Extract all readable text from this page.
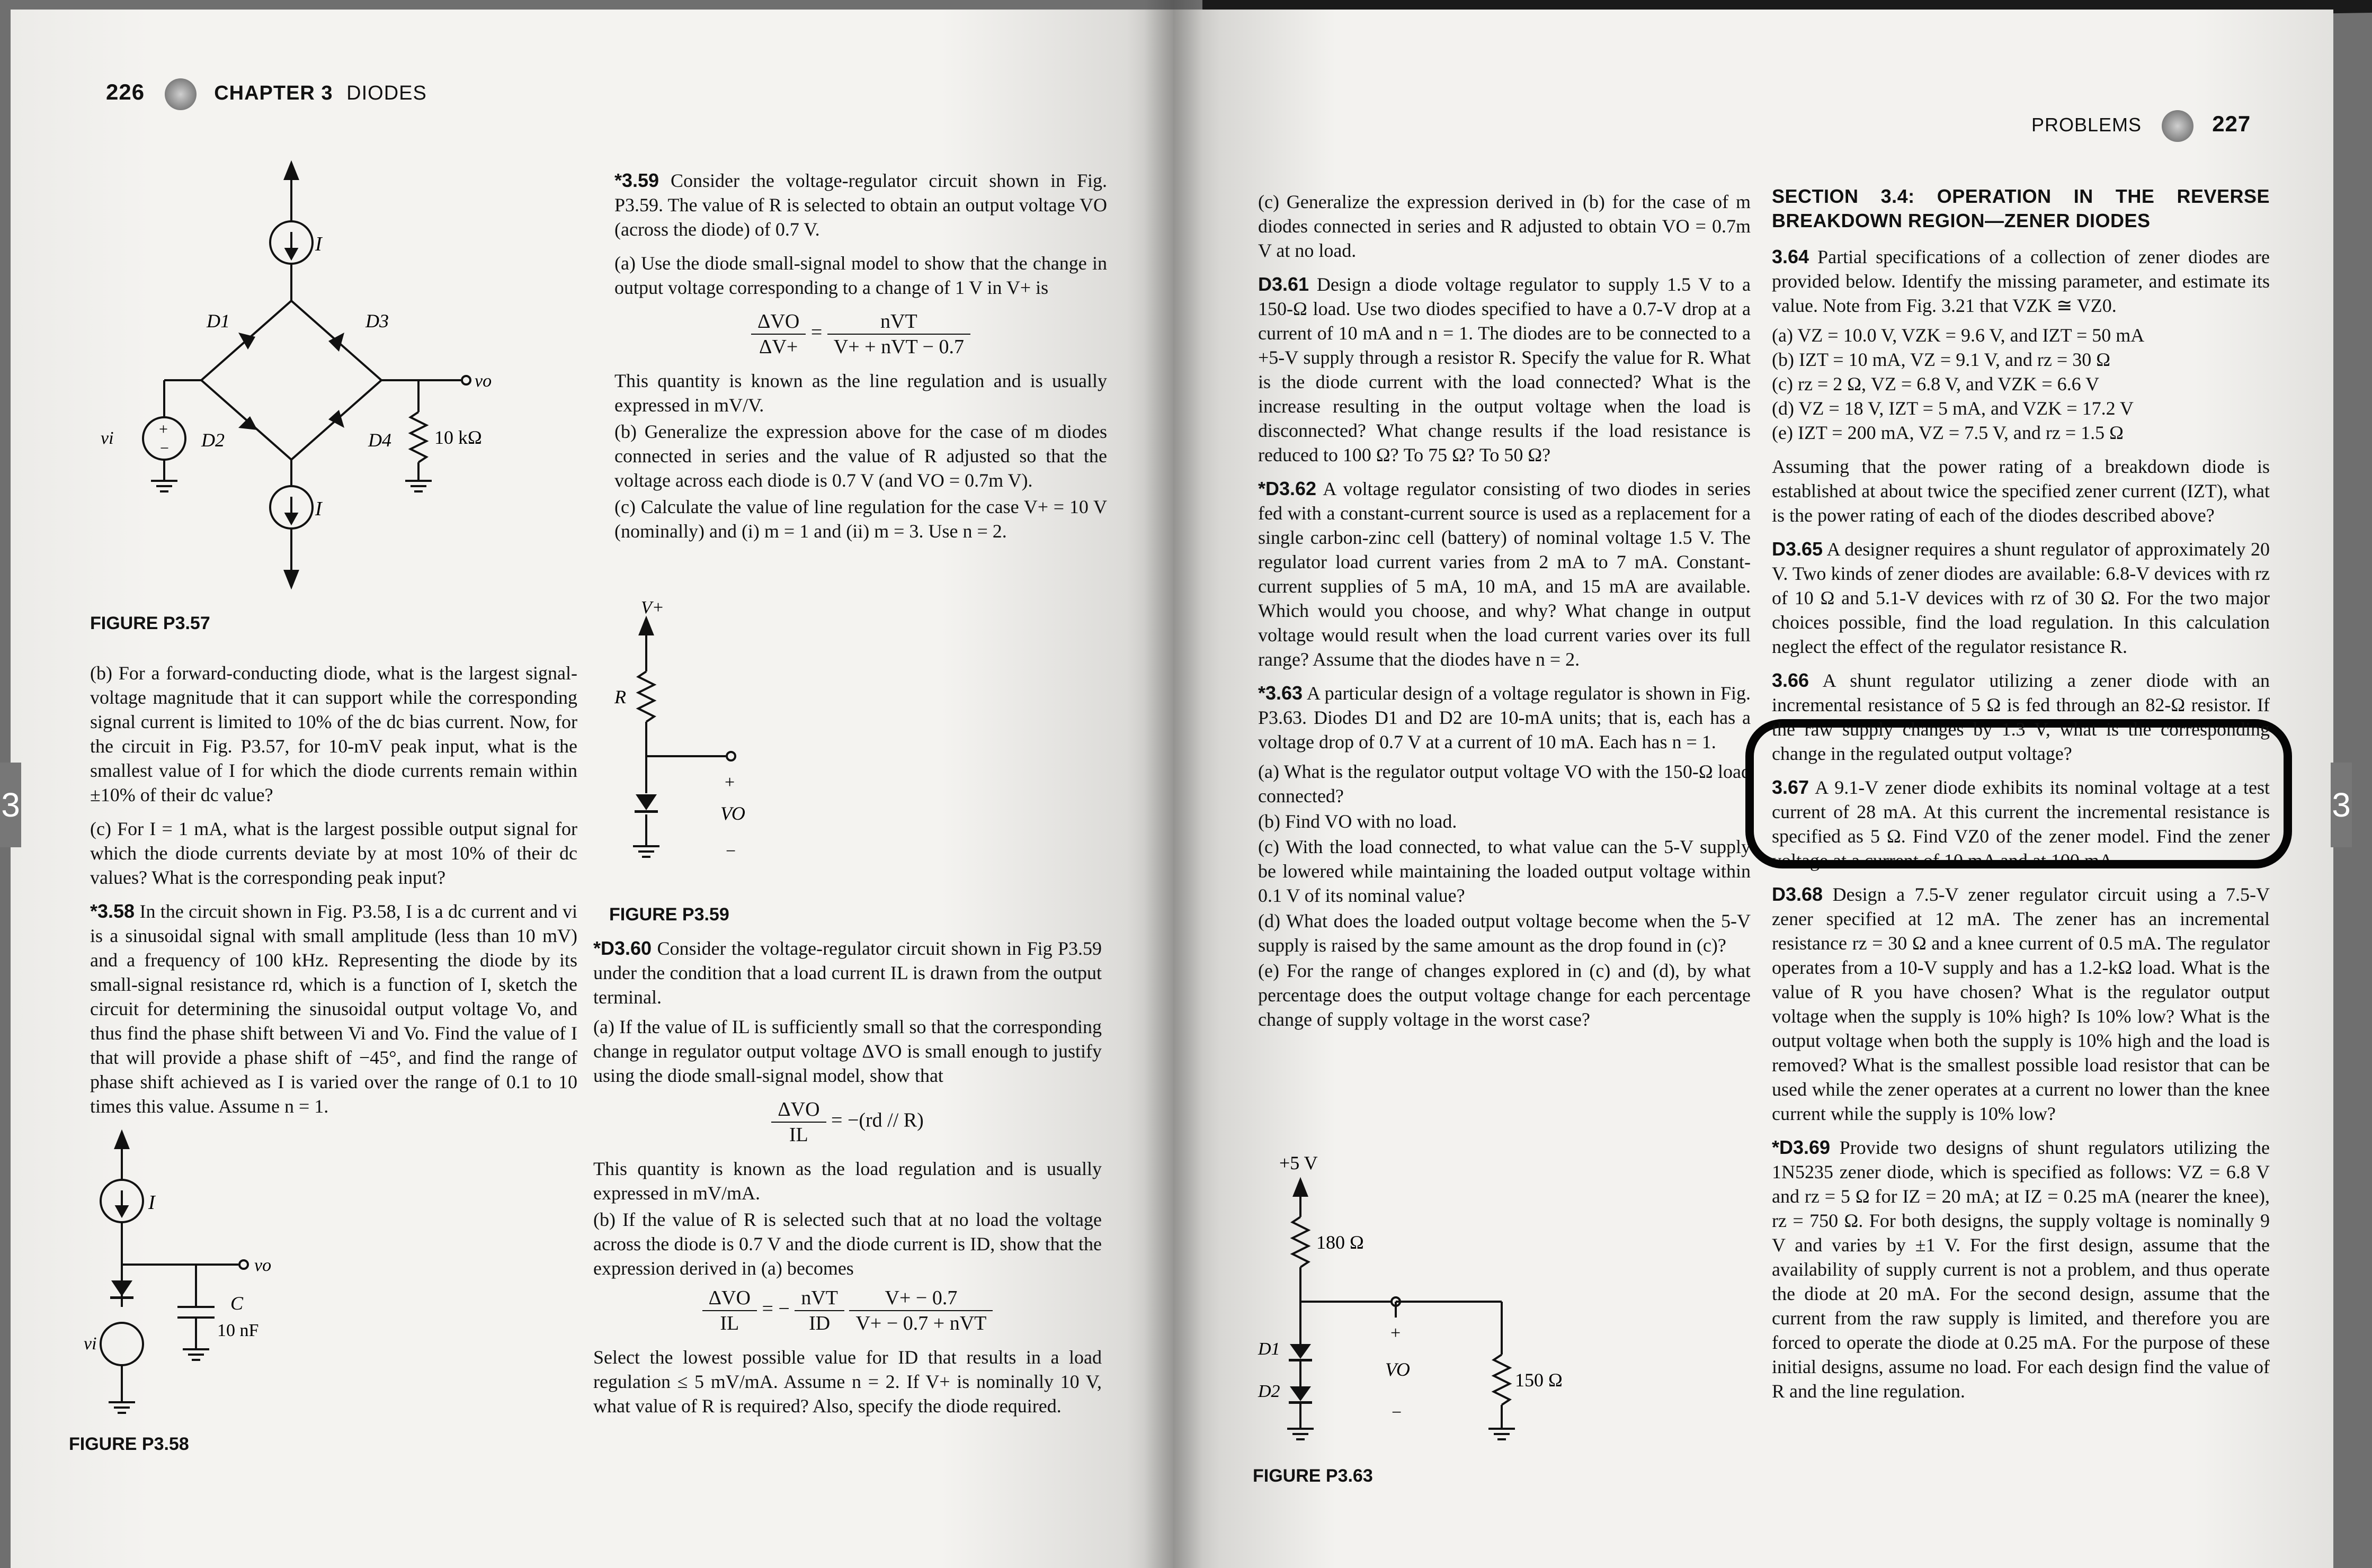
226	CHAPTER 3 DIODES
I
I
D1	D3
D2	D4
vi
vo
+
−
10 kΩ
FIGURE P3.57

(b) For a forward-conducting diode, what is the largest signal-voltage magnitude that it can support while the corresponding signal current is limited to 10% of the dc bias current. Now, for the circuit in Fig. P3.57, for 10-mV peak input, what is the smallest value of I for which the diode currents remain within ±10% of their dc value?

(c) For I = 1 mA, what is the largest possible output signal for which the diode currents deviate by at most 10% of their dc values? What is the corresponding peak input?

*3.58 In the circuit shown in Fig. P3.58, I is a dc current and vi is a sinusoidal signal with small amplitude (less than 10 mV) and a frequency of 100 kHz. Representing the diode by its small-signal resistance rd, which is a function of I, sketch the circuit for determining the sinusoidal output voltage Vo, and thus find the phase shift between Vi and Vo. Find the value of I that will provide a phase shift of −45°, and find the range of phase shift achieved as I is varied over the range of 0.1 to 10 times this value. Assume n = 1.

I
vo
vi
C
10 nF
FIGURE P3.58

*3.59 Consider the voltage-regulator circuit shown in Fig. P3.59. The value of R is selected to obtain an output voltage VO (across the diode) of 0.7 V.

(a) Use the diode small-signal model to show that the change in output voltage corresponding to a change of 1 V in V+ is

$\frac{\text{ΔVO}}{\Delta V+} = \frac{\text{nVT}}{\text{V+ + nVT − 0.7}}$

This quantity is known as the line regulation and is usually expressed in mV/V.

(b) Generalize the expression above for the case of m diodes connected in series and the value of R adjusted so that the voltage across each diode is 0.7 V (and VO = 0.7m V).

(c) Calculate the value of line regulation for the case V+ = 10 V (nominally) and (i) m = 1 and (ii) m = 3. Use n = 2.

V+
R
+
VO
−
FIGURE P3.59

*D3.60 Consider the voltage-regulator circuit shown in Fig P3.59 under the condition that a load current IL is drawn from the output terminal.

(a) If the value of IL is sufficiently small so that the corresponding change in regulator output voltage ΔVO is small enough to justify using the diode small-signal model, show that

$\frac{\text{ΔVO}}{IL} = -(rd // R)$

This quantity is known as the load regulation and is usually expressed in mV/mA.

(b) If the value of R is selected such that at no load the voltage across the diode is 0.7 V and the diode current is ID, show that the expression derived in (a) becomes

$\frac{\text{ΔVO}}{IL}$ = − $\frac{\text{nVT}}{ID}$
$\frac{V+ - 0.7}{\text{V+ − 0.7 + nVT}}$

Select the lowest possible value for ID that results in a load regulation ≤ 5 mV/mA. Assume n = 2. If V+ is nominally 10 V, what value of R is required? Also, specify the diode required.

PROBLEMS	227

(c) Generalize the expression derived in (b) for the case of m diodes connected in series and R adjusted to obtain VO = 0.7m V at no load.

D3.61 Design a diode voltage regulator to supply 1.5 V to a 150-Ω load. Use two diodes specified to have a 0.7-V drop at a current of 10 mA and n = 1. The diodes are to be connected to a +5-V supply through a resistor R. Specify the value for R. What is the diode current with the load connected? What is the increase resulting in the output voltage when the load is disconnected? What change results if the load resistance is reduced to 100 Ω? To 75 Ω? To 50 Ω?

*D3.62 A voltage regulator consisting of two diodes in series fed with a constant-current source is used as a replacement for a single carbon-zinc cell (battery) of nominal voltage 1.5 V. The regulator load current varies from 2 mA to 7 mA. Constant-current supplies of 5 mA, 10 mA, and 15 mA are available. Which would you choose, and why? What change in output voltage would result when the load current varies over its full range? Assume that the diodes have n = 2.

*3.63 A particular design of a voltage regulator is shown in Fig. P3.63. Diodes D1 and D2 are 10-mA units; that is, each has a voltage drop of 0.7 V at a current of 10 mA. Each has n = 1.

(a) What is the regulator output voltage VO with the 150-Ω load connected?

(b) Find VO with no load.

(c) With the load connected, to what value can the 5-V supply be lowered while maintaining the loaded output voltage within 0.1 V of its nominal value?

(d) What does the loaded output voltage become when the 5-V supply is raised by the same amount as the drop found in (c)?

(e) For the range of changes explored in (c) and (d), by what percentage does the output voltage change for each percentage change of supply voltage in the worst case?

+5 V
180 Ω
+
VO
−
D1
D2
150 Ω
FIGURE P3.63
SECTION 3.4: OPERATION IN THE REVERSE BREAKDOWN REGION—ZENER DIODES

3.64 Partial specifications of a collection of zener diodes are provided below. Identify the missing parameter, and estimate its value. Note from Fig. 3.21 that VZK ≅ VZ0.

(a) VZ = 10.0 V, VZK = 9.6 V, and IZT = 50 mA
(b) IZT = 10 mA, VZ = 9.1 V, and rz = 30 Ω
(c) rz = 2 Ω, VZ = 6.8 V, and VZK = 6.6 V
(d) VZ = 18 V, IZT = 5 mA, and VZK = 17.2 V
(e) IZT = 200 mA, VZ = 7.5 V, and rz = 1.5 Ω

Assuming that the power rating of a breakdown diode is established at about twice the specified zener current (IZT), what is the power rating of each of the diodes described above?

D3.65 A designer requires a shunt regulator of approximately 20 V. Two kinds of zener diodes are available: 6.8-V devices with rz of 10 Ω and 5.1-V devices with rz of 30 Ω. For the two major choices possible, find the load regulation. In this calculation neglect the effect of the regulator resistance R.

3.66 A shunt regulator utilizing a zener diode with an incremental resistance of 5 Ω is fed through an 82-Ω resistor. If the raw supply changes by 1.3 V, what is the corresponding change in the regulated output voltage?

3.67 A 9.1-V zener diode exhibits its nominal voltage at a test current of 28 mA. At this current the incremental resistance is specified as 5 Ω. Find VZ0 of the zener model. Find the zener voltage at a current of 10 mA and at 100 mA.

D3.68 Design a 7.5-V zener regulator circuit using a 7.5-V zener specified at 12 mA. The zener has an incremental resistance rz = 30 Ω and a knee current of 0.5 mA. The regulator operates from a 10-V supply and has a 1.2-kΩ load. What is the value of R you have chosen? What is the regulator output voltage when the supply is 10% high? Is 10% low? What is the output voltage when both the supply is 10% high and the load is removed? What is the smallest possible load resistor that can be used while the zener operates at a current no lower than the knee current while the supply is 10% low?

*D3.69 Provide two designs of shunt regulators utilizing the 1N5235 zener diode, which is specified as follows: VZ = 6.8 V and rz = 5 Ω for IZ = 20 mA; at IZ = 0.25 mA (nearer the knee), rz = 750 Ω. For both designs, the supply voltage is nominally 9 V and varies by ±1 V. For the first design, assume that the availability of supply current is not a problem, and thus operate the diode at 20 mA. For the second design, assume that the current from the raw supply is limited, and therefore you are forced to operate the diode at 0.25 mA. For the purpose of these initial designs, assume no load. For each design find the value of R and the line regulation.

3	3
